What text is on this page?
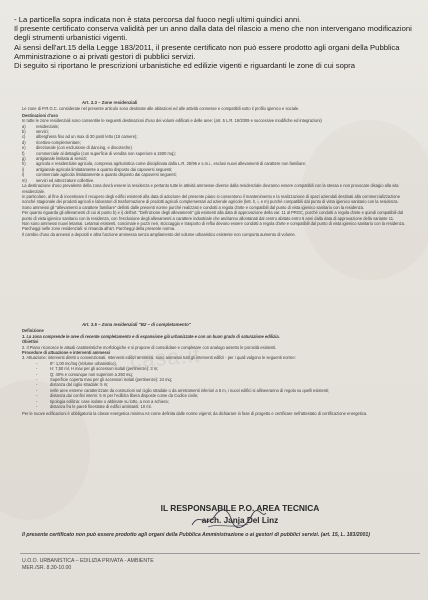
- La particella sopra indicata non è stata percorsa dal fuoco negli ultimi quindici anni.

Il presente certificato conserva validità per un anno dalla data del rilascio a meno che non intervengano modificazioni degli strumenti urbanistici vigenti.

Ai sensi dell'art.15 della Legge 183/2011, il presente certificato non può essere prodotto agli organi della Pubblica Amministrazione o ai privati gestori di pubblici servizi.

Di seguito si riportano le prescrizioni urbanistiche ed edilizie vigenti e riguardanti le zone di cui sopra

Art. 3.3 – Zone residenziali

Le zone di P.R.G.C. considerate nel presente articolo sono destinate alle abitazioni ed alle attività connesse e compatibili sotto il profilo igienico e sociale.

Destinazioni d'uso

In tutte le zone residenziali sono consentite le seguenti destinazioni d'uso dei volumi edificati e delle aree: (art. 5 L.R. 19/2009 e successive modifiche ed integrazioni)

a)	residenziale;
b)	servizi;
c)	alberghiera fino ad un max di 30 posti letto (15 camere);
d)	ricettivo-complementare;
e)	direzionale (con esclusione di dancing, e discoteche)
f)	commerciale al dettaglio (con superficie di vendita non superiore a 1500 mq);
g)	artigianale limitata ai servizi;
h)	agricola e residenziale agricola, compresa agrituristica come disciplinata dalla L.R. 25/96 e s.m.i., esclusi nuovi allevamenti di carattere non familiare;
i)	artigianale agricola limitatamente a quanto disposto dai capoversi seguenti;
l)	commerciale agricola limitatamente a quanto disposto dai capoversi seguenti;
m)	servizi ed attrezzature collettive.

La destinazione d'uso prevalente della zona dovrà essere la residenza e pertanto tutte le attività ammesse diverse dalla residenziale dovranno essere compatibili con la stessa e non provocare disagio alla vita residenziale.

In particolare, al fine di incentivare il recupero degli edifici esistenti alla data di adozione del presente piano si consentono il mantenimento e la realizzazione di spazi aziendali destinati alla commercializzazione nonché stagionale dei prodotti agricoli e laboratori di trasformazione di prodotti agricoli complementari ad aziende agricole (lett. h, i, e m) purché compatibili dal punto di vista igienico sanitario con la residenza.

Sono ammessi gli "allevamenti a carattere familiare" definiti dalle presenti norme purché realizzati e condotti a regola d'arte e compatibili dal punto di vista igienico sanitario con la residenza.

Per quanto riguarda gli allevamenti di cui al punto b) e i) dell'art. "Definizione degli allevamenti" già esistenti alla data di approvazione della var. 11 al PRGC, purché condotti a regola d'arte e quindi compatibili dal punto di vista igienico sanitario con la residenza, con l'esclusione degli allevamenti a carattere industriale che andranno allontanati dal centro abitato entro 5 anni dalla data di approvazione della variante 11.

Non sono ammessi nuovi letamai. Letamai esistenti, concimaie e pozzi neri, stoccaggio e trasporto di reflui devono essere condotti a regola d'arte e compatibili dal punto di vista igienico sanitario con la residenza.

Parcheggi nelle zone residenziali: si rimanda all'art. Parcheggi della presente norma.

Il cambio d'uso da annessi a depositi e altra funzione ammessa senza ampliamento del volume urbanistico esistente non comporta aumento di volume.

Art. 3.5 – Zona residenziali "B2 – di completamento"

Definizione

1. La zona comprende le aree di recente completamento e di espansione già urbanizzate e con un buon grado di saturazione edilizia.

Obiettivi

2. Il Piano riconosce le attuali caratteristiche morfologiche e si propone di consolidare e completare con analogo assetto le porosità esistenti.

Procedure di attuazione e interventi ammessi

3. Attuazione: interventi diretti o convenzionati. Interventi edilizi ammessi: sono ammessi tutti gli interventi edilizi - per i quali valgono le seguenti norme:

-	IF: 1,00 mc/mq (Volume urbanistico),
-	H: 7,50 ml, H max per gli accessori isolati (pertinenze): 3 m;
-	Q: 40% e comunque non superiore a 250 mq;
-	Superficie coperta max per gli accessori isolati (pertinenze): 24 mq;
-	distanza dal ciglio stradale: 5 m;
-	nelle aree esterne caratterizzate da costruzioni sul ciglio stradale o da arretramenti inferiori a 5 m, i nuovi edifici si allineeranno di regola su quelli esistenti;
-	distanza dai confini interni: 5 m per l'edilizia libera disposte come da Codice civile;
-	tipologia edilizia: case isolate o abbinate su lotto, a non a schiera;
-	distanza fra le pareti finestrate di edifici antistanti: 10 ml.

Per le nuove edificazioni è obbligatoria la classe energetica minima A4 come definita dalle norme vigenti; da dichiarare in fase di progetto e certificare nell'attestato di certificazione energetica.

casa.it
IL RESPONSABILE P.O. AREA TECNICA
arch. Janja Del Linz
Il presente certificato non può essere prodotto agli organi della Pubblica Amministrazione o ai gestori di pubblici servizi. (art. 15, L. 183/2001)
U.O.O. URBANISTICA – EDILIZIA PRIVATA - AMBIENTE
MER./SR. 8.30-10.00
